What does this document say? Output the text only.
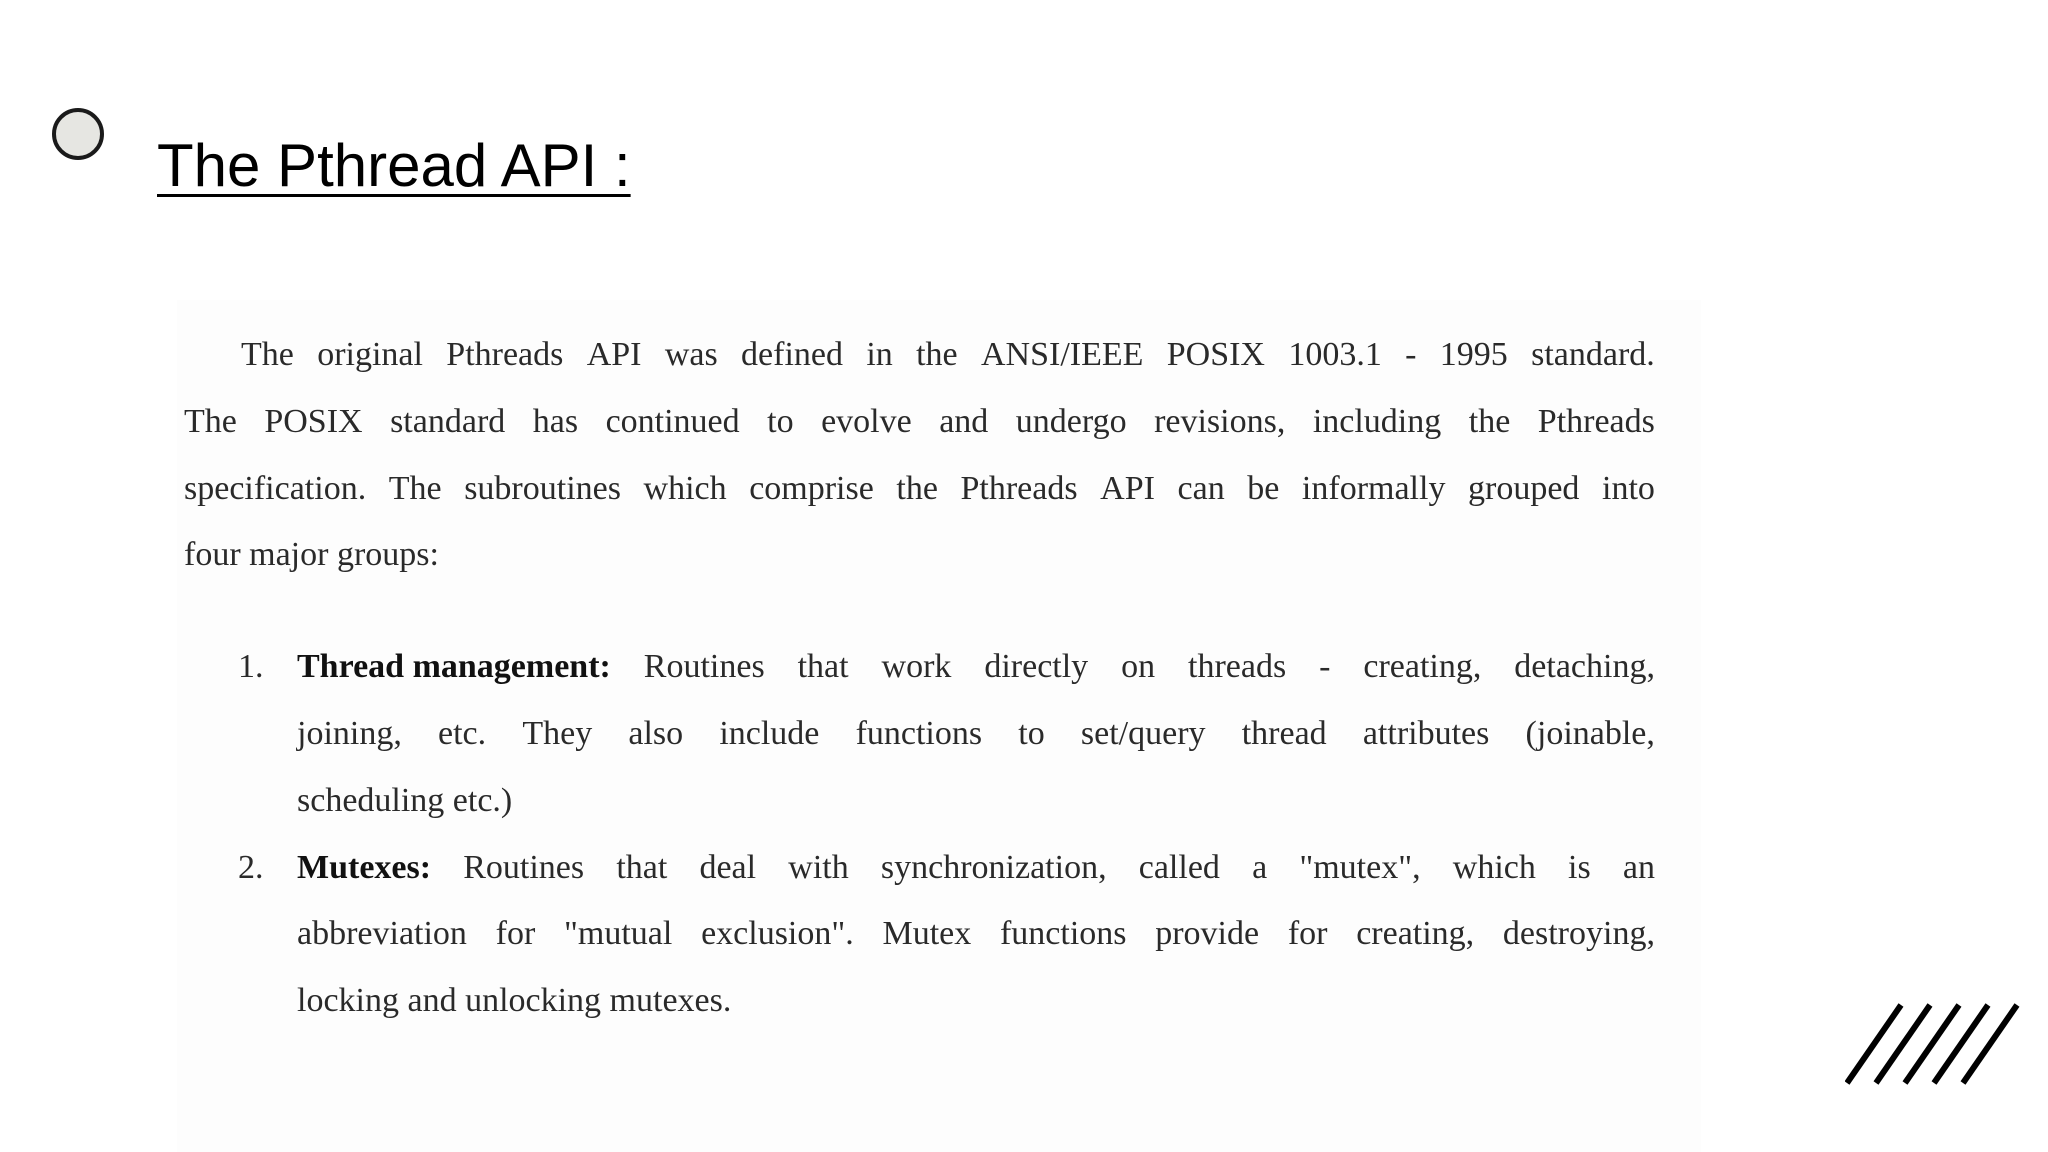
The Pthread API :
The original Pthreads API was defined in the ANSI/IEEE POSIX 1003.1 - 1995 standard.
The POSIX standard has continued to evolve and undergo revisions, including the Pthreads
specification. The subroutines which comprise the Pthreads API can be informally grouped into
four major groups:
1. Thread management: Routines that work directly on threads - creating, detaching,
joining, etc. They also include functions to set/query thread attributes (joinable,
scheduling etc.)
2. Mutexes: Routines that deal with synchronization, called a "mutex", which is an
abbreviation for "mutual exclusion". Mutex functions provide for creating, destroying,
locking and unlocking mutexes.
